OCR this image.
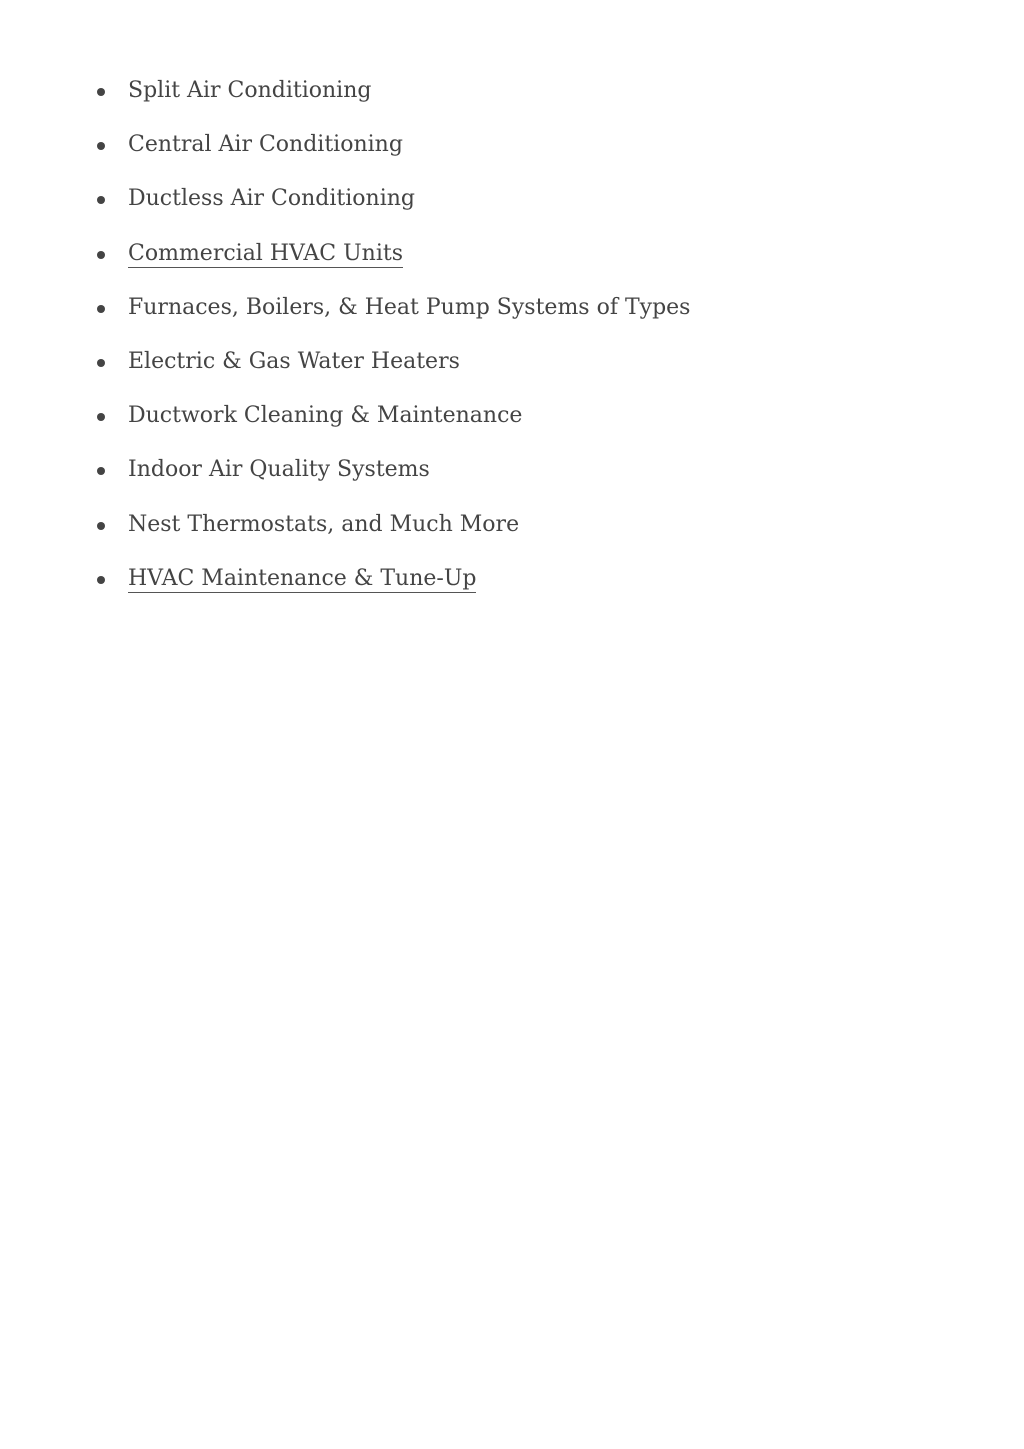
Split Air Conditioning
Central Air Conditioning
Ductless Air Conditioning
Commercial HVAC Units
Furnaces, Boilers, & Heat Pump Systems of Types
Electric & Gas Water Heaters
Ductwork Cleaning & Maintenance
Indoor Air Quality Systems
Nest Thermostats, and Much More
HVAC Maintenance & Tune-Up
